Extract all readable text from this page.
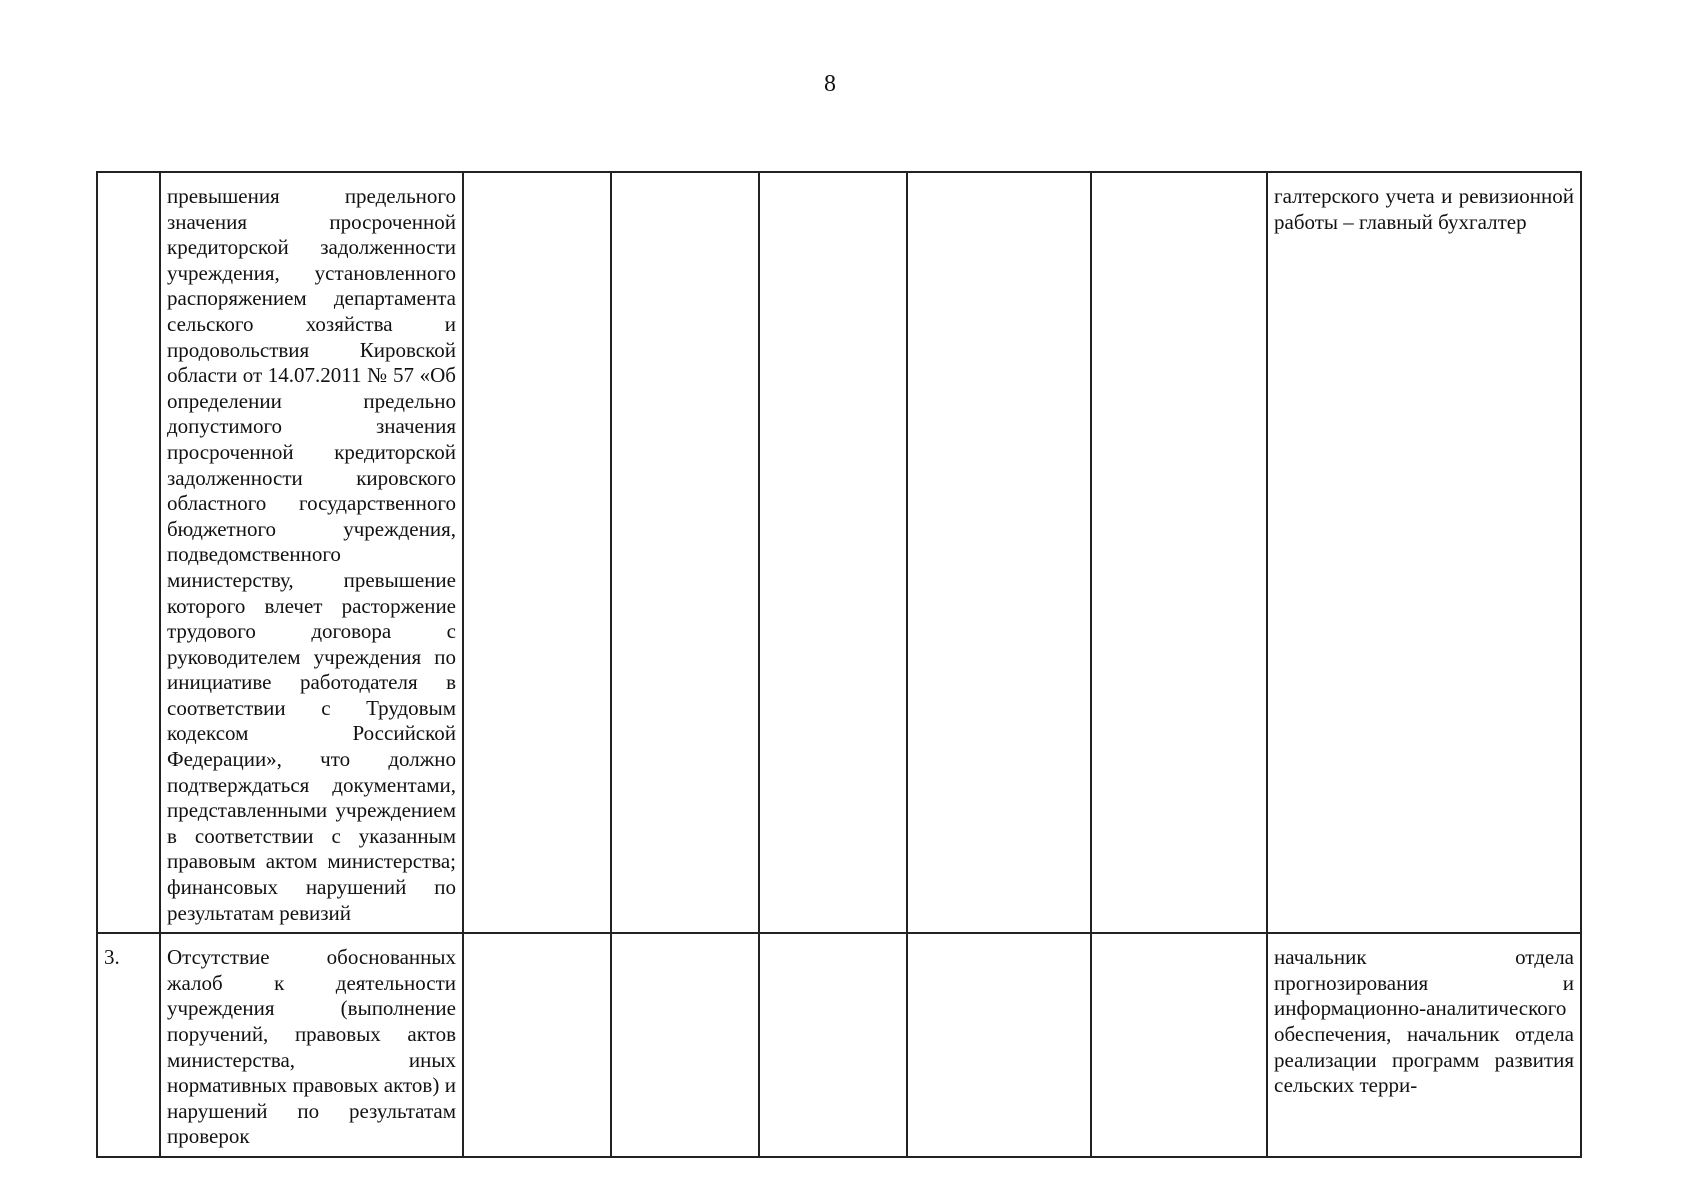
8
	превышения предельного значения просроченной кредиторской задолженности учреждения, установленного распоряжением департамента сельского хозяйства и продовольствия Кировской области от 14.07.2011 № 57 «Об определении предельно допустимого значения просроченной кредиторской задолженности кировского областного государственного бюджетного учреждения, подведомственного министерству, превышение которого влечет расторжение трудового договора с руководителем учреждения по инициативе работодателя в соответствии с Трудовым кодексом Российской Федерации», что должно подтверждаться документами, представленными учреждением в соответствии с указанным правовым актом министерства; финансовых нарушений по результатам ревизий						галтерского учета и ревизионной работы – главный бухгалтер
3.	Отсутствие обоснованных жалоб к деятельности учреждения (выполнение поручений, правовых актов министерства, иных нормативных правовых актов) и нарушений по результатам проверок						начальник отдела прогнозирования и информационно-аналитического обеспечения, начальник отдела реализации программ развития сельских терри-
